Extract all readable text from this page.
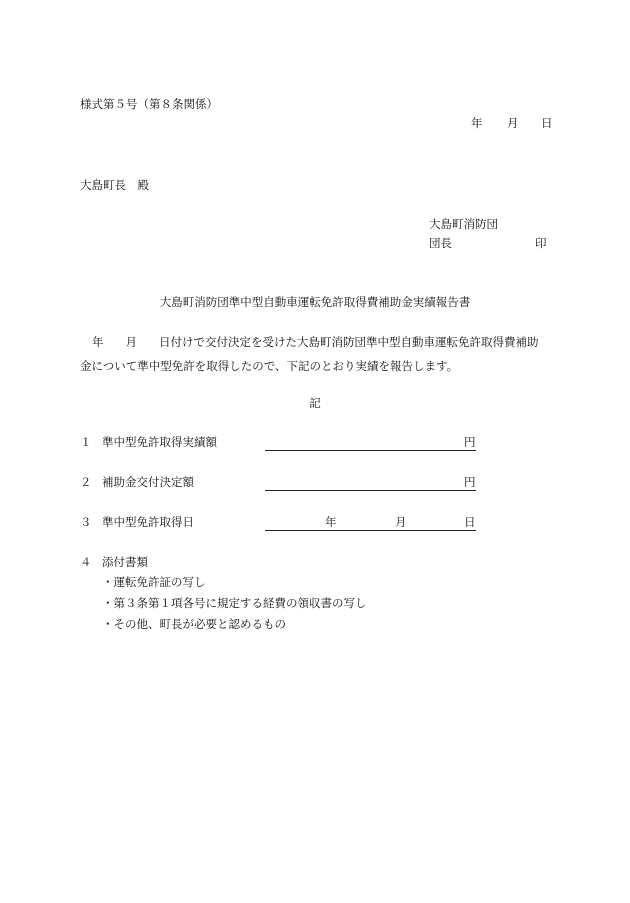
様式第５号（第８条関係）
年 月 日
大島町長　殿
大島町消防団
団長	印
大島町消防団準中型自動車運転免許取得費補助金実績報告書
年 月 日付けで交付決定を受けた大島町消防団準中型自動車運転免許取得費補助
金について準中型免許を取得したので、下記のとおり実績を報告します。
記
１ 準中型免許取得実績額	円
２ 補助金交付決定額	円
３ 準中型免許取得日	年	月	日
４ 添付書類
・運転免許証の写し
・第３条第１項各号に規定する経費の領収書の写し
・その他、町長が必要と認めるもの
